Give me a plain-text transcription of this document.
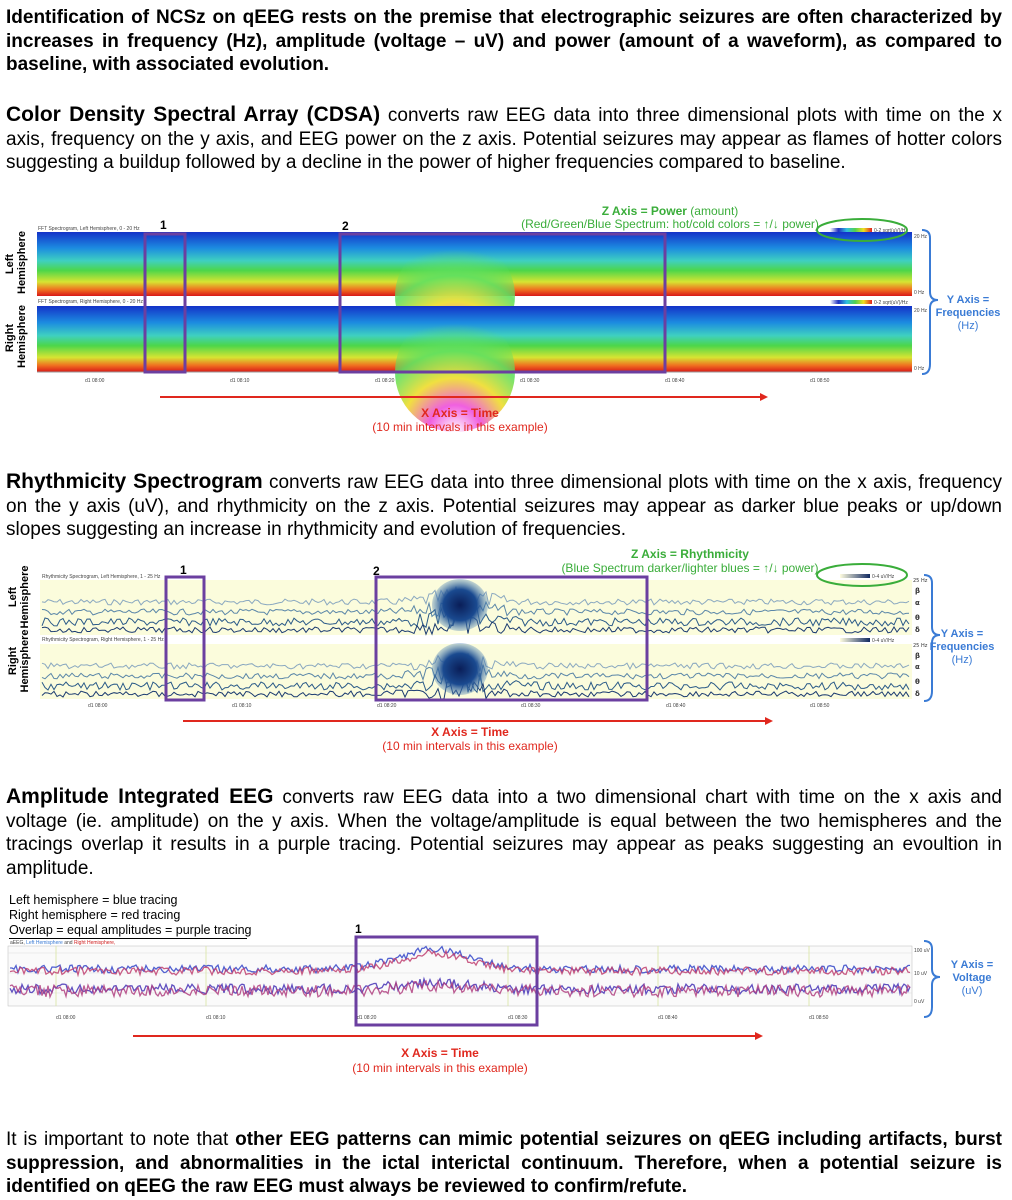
Identification of NCSz on qEEG rests on the premise that electrographic seizures are often characterized by increases in frequency (Hz), amplitude (voltage – uV) and power (amount of a waveform), as compared to baseline, with associated evolution.

Color Density Spectral Array (CDSA) converts raw EEG data into three dimensional plots with time on the x axis, frequency on the y axis, and EEG power on the z axis. Potential seizures may appear as flames of hotter colors suggesting a buildup followed by a decline in the power of higher frequencies compared to baseline.

Z Axis = Power (amount)
(Red/Green/Blue Spectrum: hot/cold colors = ↑/↓ power)
FFT Spectrogram, Left Hemisphere, 0 - 20 Hz
FFT Spectrogram, Right Hemisphere, 0 - 20 Hz
0-2 sqrt(uV)/Hz
0-2 sqrt(uV)/Hz
20 Hz
0 Hz
20 Hz
0 Hz
1	2
d1 08:00	d1 08:10	d1 08:20	d1 08:30	d1 08:40	d1 08:50
Left
Hemisphere
Right
Hemisphere
Y Axis =
Frequencies
(Hz)
X Axis = Time
(10 min intervals in this example)

Rhythmicity Spectrogram converts raw EEG data into three dimensional plots with time on the x axis, frequency on the y axis (uV), and rhythmicity on the z axis. Potential seizures may appear as darker blue peaks or up/down slopes suggesting an increase in rhythmicity and evolution of frequencies.

Z Axis = Rhythmicity
(Blue Spectrum darker/lighter blues = ↑/↓ power)
Rhythmicity Spectrogram, Left Hemisphere, 1 - 25 Hz
Rhythmicity Spectrogram, Right Hemisphere, 1 - 25 Hz
0-4 uV/Hz
0-4 uV/Hz
25 Hz
β
α
θ
δ
25 Hz
β
α
θ
δ
1	2
d1 08:00	d1 08:10	d1 08:20	d1 08:30	d1 08:40	d1 08:50
Left
Hemisphere
Right
Hemisphere	Y Axis =
Frequencies
(Hz)
X Axis = Time
(10 min intervals in this example)

Amplitude Integrated EEG converts raw EEG data into a two dimensional chart with time on the x axis and voltage (ie. amplitude) on the y axis. When the voltage/amplitude is equal between the two hemispheres and the tracings overlap it results in a purple tracing. Potential seizures may appear as peaks suggesting an evoultion in amplitude.

Left hemisphere = blue tracing
Right hemisphere = red tracing
Overlap = equal amplitudes = purple tracing
aEEG, Left Hemisphere and Right Hemisphere,
100 uV
10 uV
0 uV
1
d1 08:00	d1 08:10	d1 08:20	d1 08:30	d1 08:40	d1 08:50
Y Axis =
Voltage
(uV)
X Axis = Time
(10 min intervals in this example)

It is important to note that other EEG patterns can mimic potential seizures on qEEG including artifacts, burst suppression, and abnormalities in the ictal interictal continuum. Therefore, when a potential seizure is identified on qEEG the raw EEG must always be reviewed to confirm/refute.
